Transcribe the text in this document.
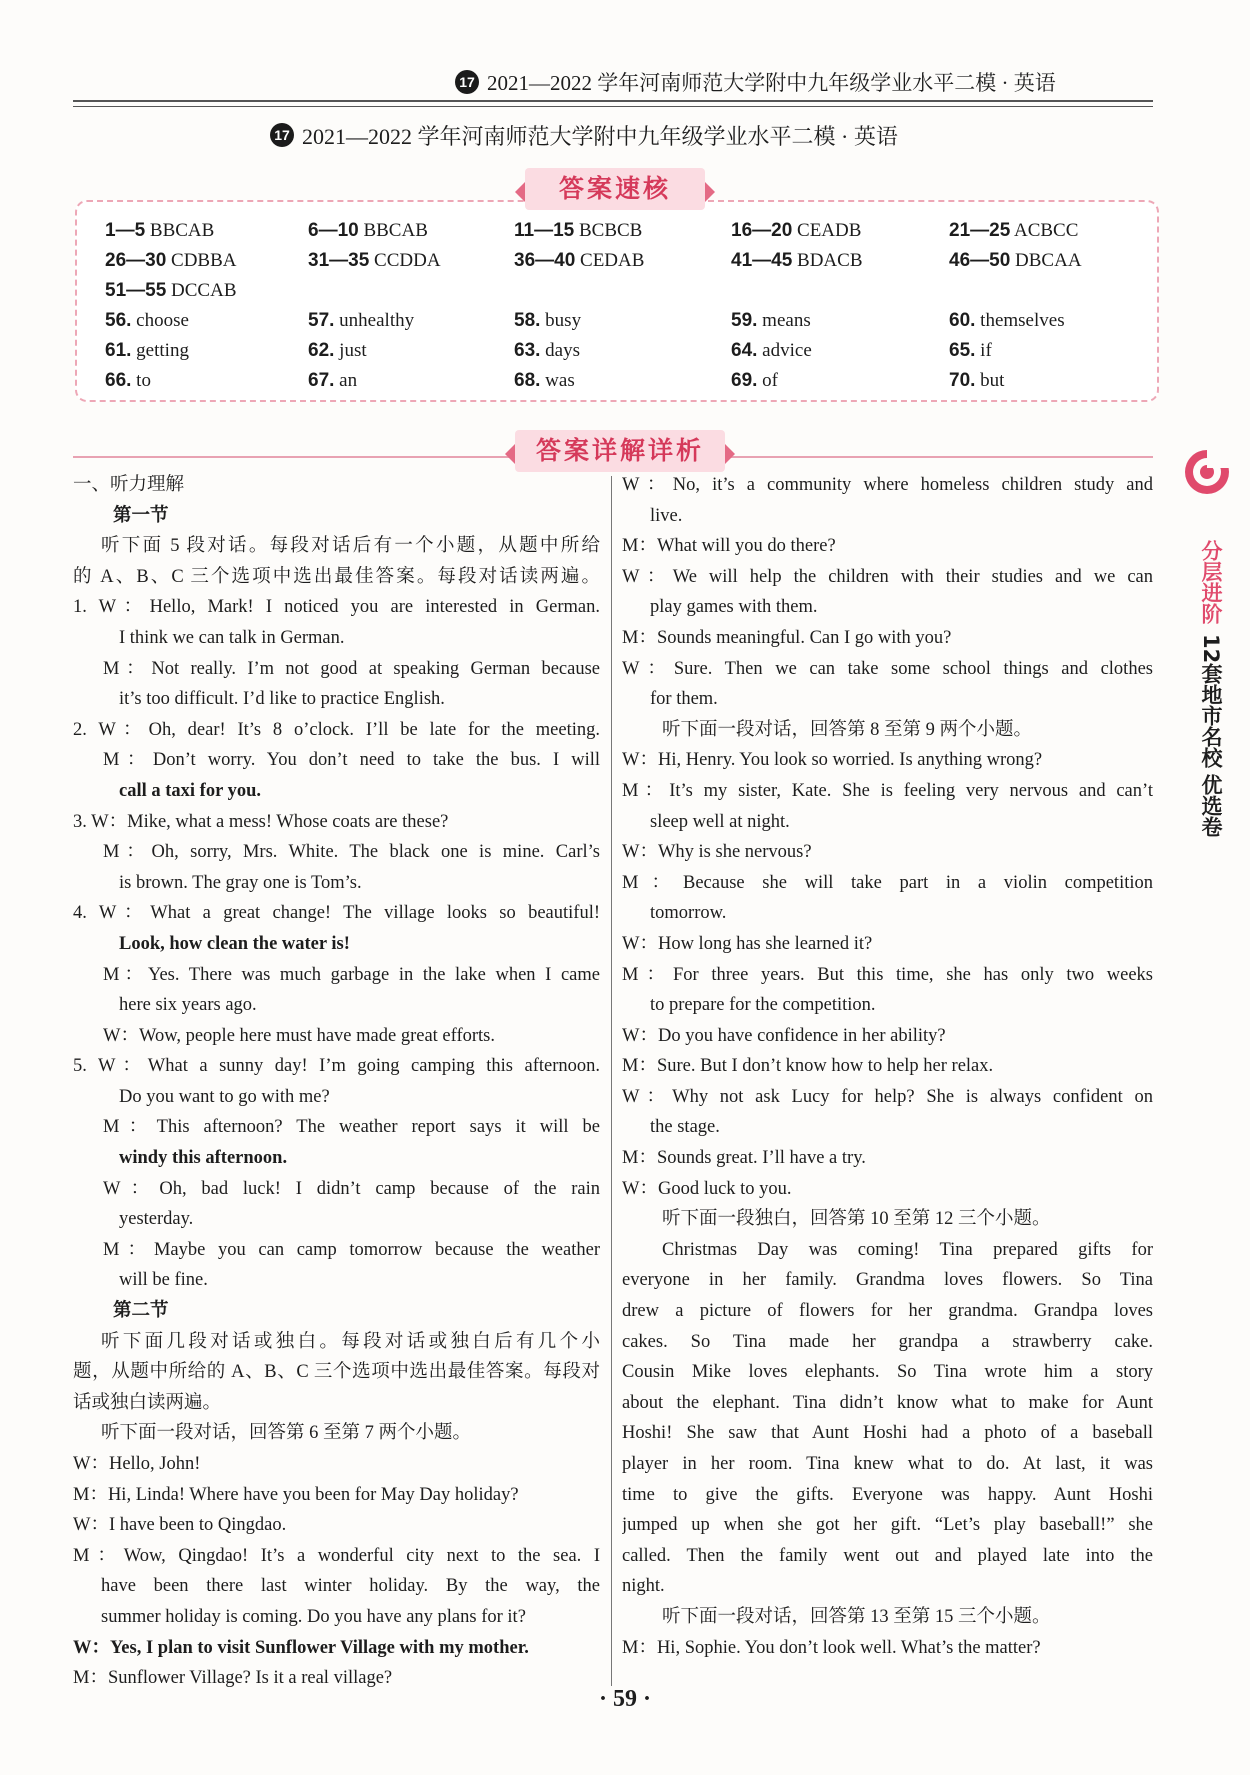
17 2021—2022 学年河南师范大学附中九年级学业水平二模 · 英语
17 2021—2022 学年河南师范大学附中九年级学业水平二模 · 英语
1—5 BBCAB	6—10 BBCAB	11—15 BCBCB	16—20 CEADB	21—25 ACBCC
26—30 CDBBA	31—35 CCDDA	36—40 CEDAB	41—45 BDACB	46—50 DBCAA
51—55 DCCAB
56. choose	57. unhealthy	58. busy	59. means	60. themselves
61. getting	62. just	63. days	64. advice	65. if
66. to	67. an	68. was	69. of	70. but
答案速核
答案详解详析
一、听力理解
第一节
听下面 5 段对话。每段对话后有一个小题，从题中所给
的 A、B、C 三个选项中选出最佳答案。每段对话读两遍。
1. W：Hello, Mark! I noticed you are interested in German.
I think we can talk in German.
M：Not really. I’m not good at speaking German because
it’s too difficult. I’d like to practice English.
2. W：Oh, dear! It’s 8 o’clock. I’ll be late for the meeting.
M：Don’t worry. You don’t need to take the bus. I will
call a taxi for you.
3. W：Mike, what a mess! Whose coats are these?
M：Oh, sorry, Mrs. White. The black one is mine. Carl’s
is brown. The gray one is Tom’s.
4. W：What a great change! The village looks so beautiful!
Look, how clean the water is!
M：Yes. There was much garbage in the lake when I came
here six years ago.
W：Wow, people here must have made great efforts.
5. W：What a sunny day! I’m going camping this afternoon.
Do you want to go with me?
M：This afternoon? The weather report says it will be
windy this afternoon.
W：Oh, bad luck! I didn’t camp because of the rain
yesterday.
M：Maybe you can camp tomorrow because the weather
will be fine.
第二节
听下面几段对话或独白。每段对话或独白后有几个小
题，从题中所给的 A、B、C 三个选项中选出最佳答案。每段对
话或独白读两遍。
听下面一段对话，回答第 6 至第 7 两个小题。
W：Hello, John!
M：Hi, Linda! Where have you been for May Day holiday?
W：I have been to Qingdao.
M：Wow, Qingdao! It’s a wonderful city next to the sea. I
have been there last winter holiday. By the way, the
summer holiday is coming. Do you have any plans for it?
W：Yes, I plan to visit Sunflower Village with my mother.
M：Sunflower Village? Is it a real village?
W：No, it’s a community where homeless children study and
live.
M：What will you do there?
W：We will help the children with their studies and we can
play games with them.
M：Sounds meaningful. Can I go with you?
W：Sure. Then we can take some school things and clothes
for them.
听下面一段对话，回答第 8 至第 9 两个小题。
W：Hi, Henry. You look so worried. Is anything wrong?
M：It’s my sister, Kate. She is feeling very nervous and can’t
sleep well at night.
W：Why is she nervous?
M：Because she will take part in a violin competition
tomorrow.
W：How long has she learned it?
M：For three years. But this time, she has only two weeks
to prepare for the competition.
W：Do you have confidence in her ability?
M：Sure. But I don’t know how to help her relax.
W：Why not ask Lucy for help? She is always confident on
the stage.
M：Sounds great. I’ll have a try.
W：Good luck to you.
听下面一段独白，回答第 10 至第 12 三个小题。
Christmas Day was coming! Tina prepared gifts for
everyone in her family. Grandma loves flowers. So Tina
drew a picture of flowers for her grandma. Grandpa loves
cakes. So Tina made her grandpa a strawberry cake.
Cousin Mike loves elephants. So Tina wrote him a story
about the elephant. Tina didn’t know what to make for Aunt
Hoshi! She saw that Aunt Hoshi had a photo of a baseball
player in her room. Tina knew what to do. At last, it was
time to give the gifts. Everyone was happy. Aunt Hoshi
jumped up when she got her gift. “Let’s play baseball!” she
called. Then the family went out and played late into the
night.
听下面一段对话，回答第 13 至第 15 三个小题。
M：Hi, Sophie. You don’t look well. What’s the matter?
分层进阶
12套地市名校
优选卷
· 59 ·
